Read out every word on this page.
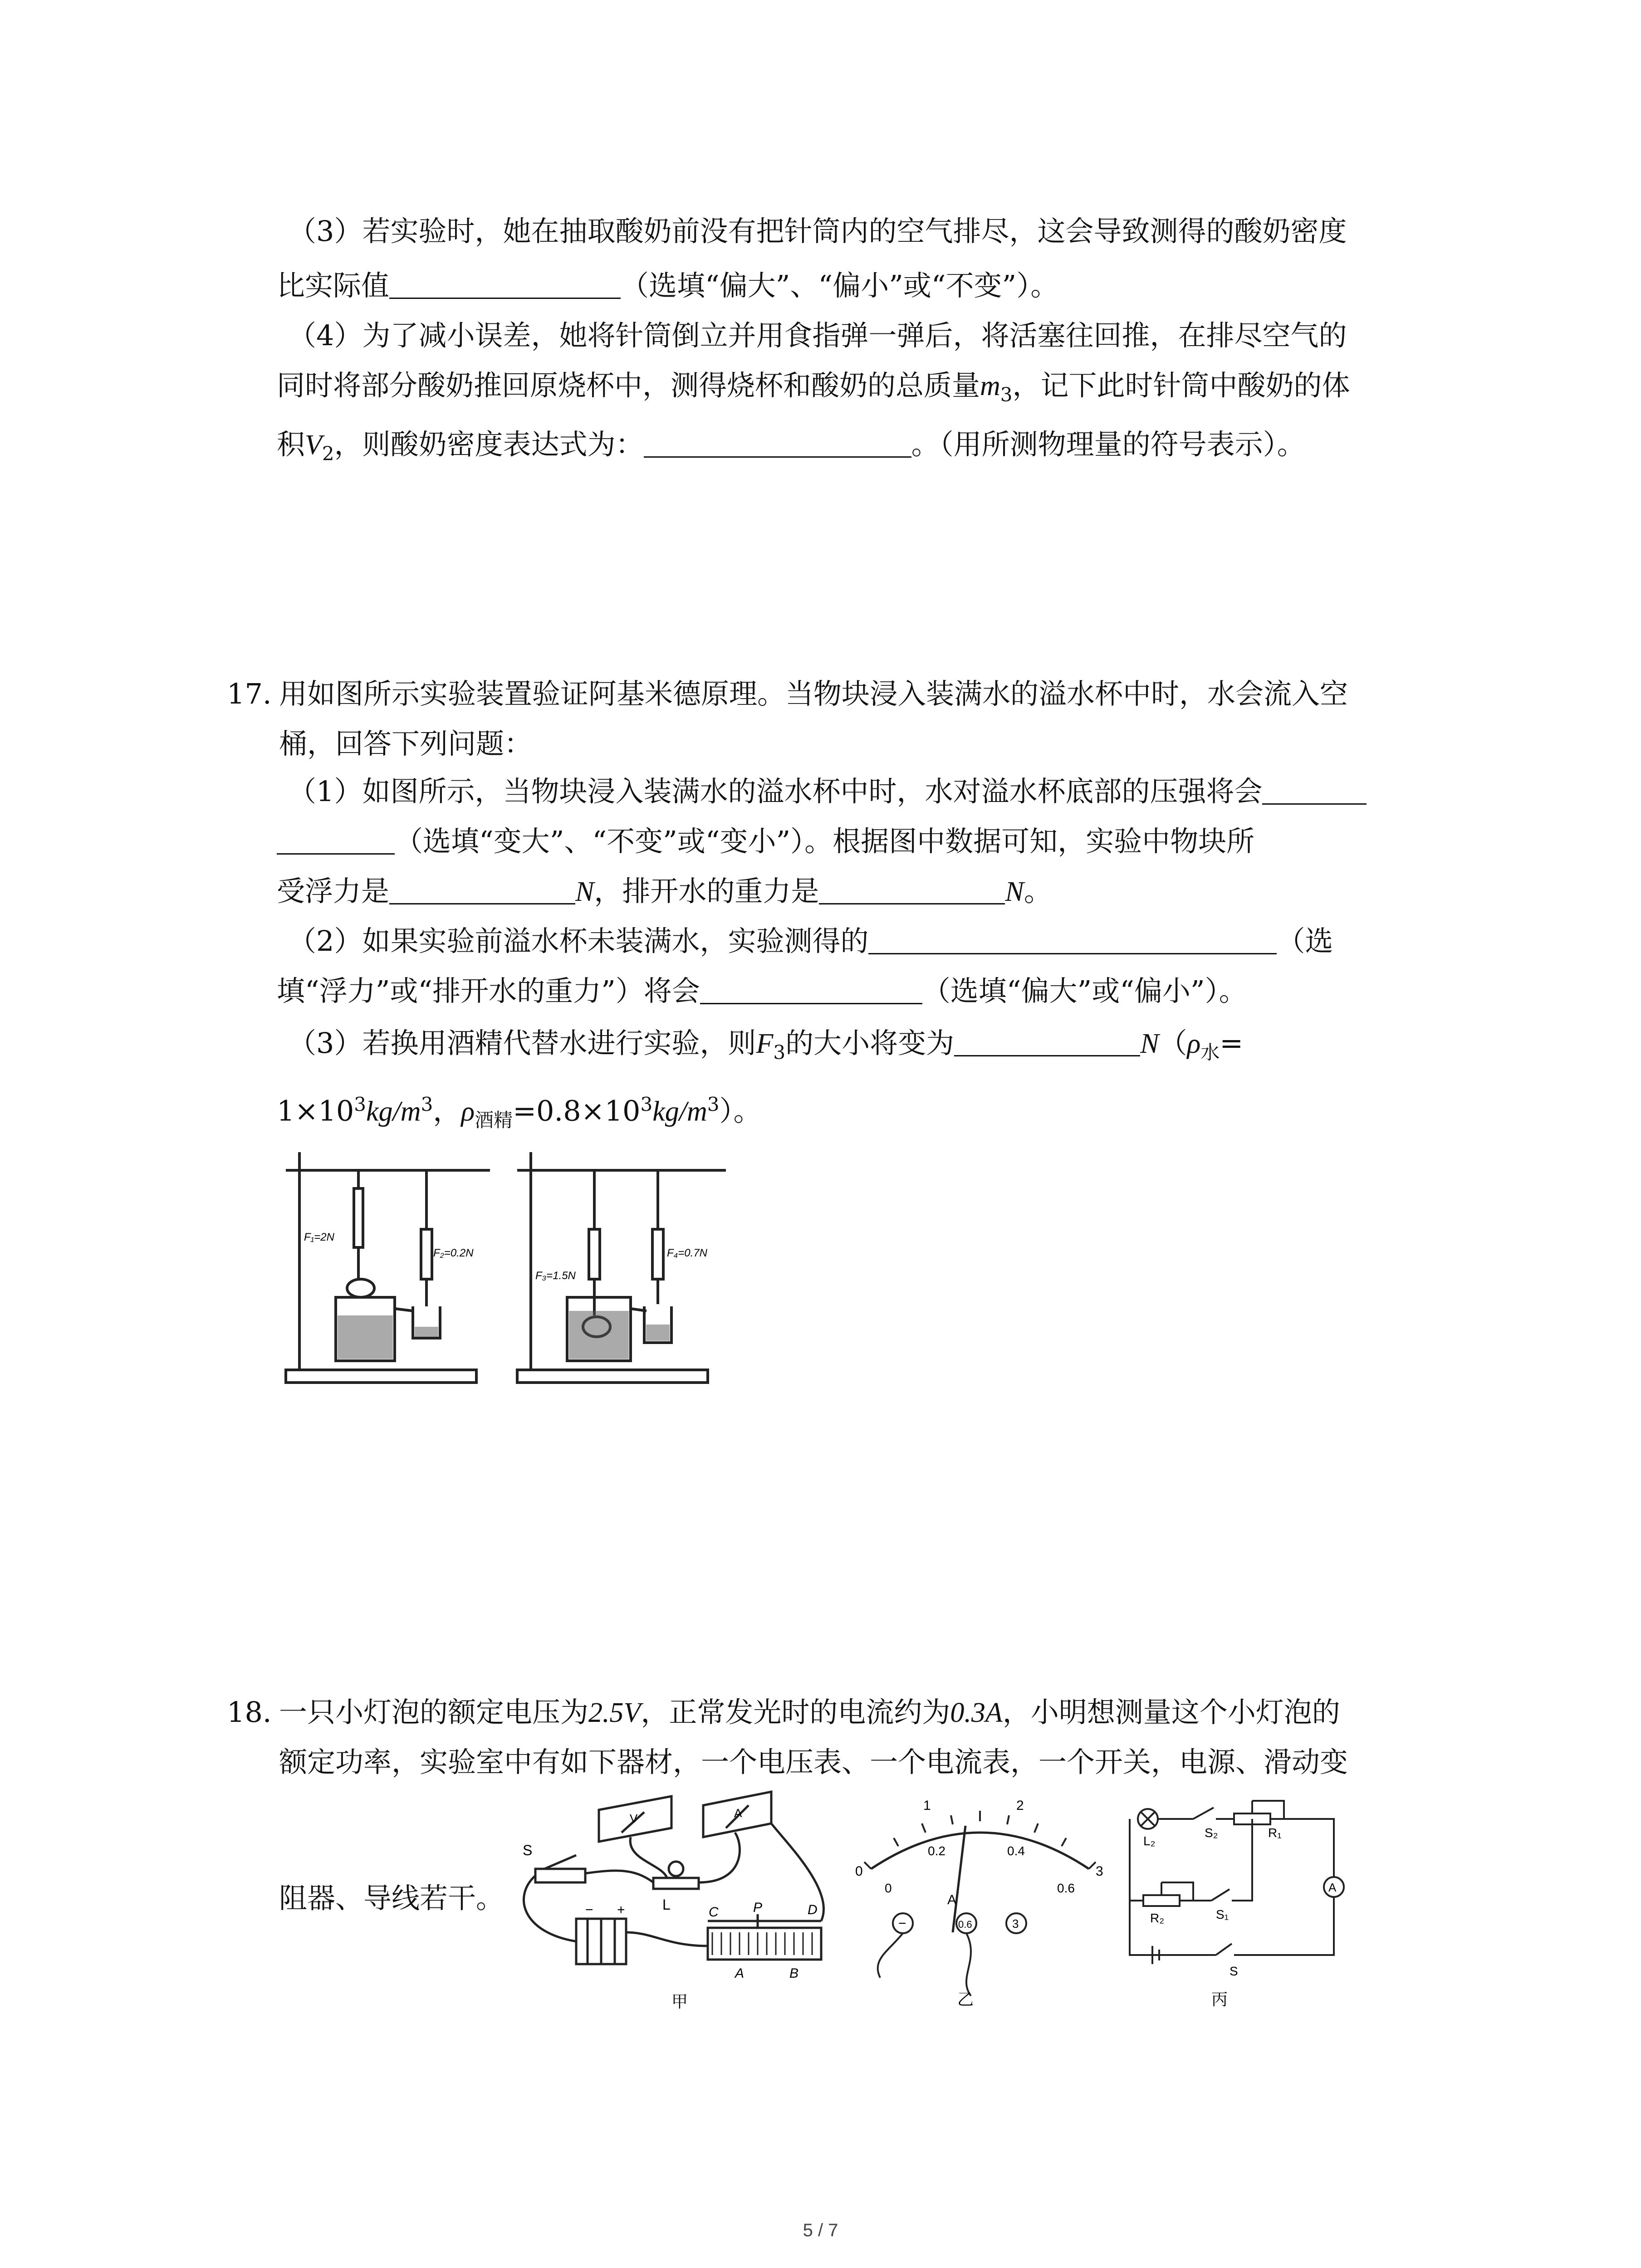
（3）若实验时，她在抽取酸奶前没有把针筒内的空气排尽，这会导致测得的酸奶密度
比实际值	（选填“偏大”、“偏小”或“不变”）。
（4）为了减小误差，她将针筒倒立并用食指弹一弹后，将活塞往回推，在排尽空气的
同时将部分酸奶推回原烧杯中，测得烧杯和酸奶的总质量$m_3$，记下此时针筒中酸奶的体
积$V_2$，则酸奶密度表达式为：	。（用所测物理量的符号表示）。
17. 用如图所示实验装置验证阿基米德原理。当物块浸入装满水的溢水杯中时，水会流入空
桶，回答下列问题：
（1）如图所示，当物块浸入装满水的溢水杯中时，水对溢水杯底部的压强将会
（选填“变大”、“不变”或“变小”）。根据图中数据可知，实验中物块所
受浮力是	N，排开水的重力是	N。
（2）如果实验前溢水杯未装满水，实验测得的	（选
填“浮力”或“排开水的重力”）将会	（选填“偏大”或“偏小”）。
（3）若换用酒精代替水进行实验，则$F_3$的大小将变为	$N(\rho_水=$
$1\times 10^3kg/m^3$，$\rho_{酒精}=0.8\times 10^3kg/m^3$）。
F₁=2N
F₂=0.2N
F₃=1.5N
F₄=0.7N
18. 一只小灯泡的额定电压为2.5V，正常发光时的电流约为0.3A，小明想测量这个小灯泡的
额定功率，实验室中有如下器材，一个电压表、一个电流表，一个开关，电源、滑动变
阻器、导线若干。
S
L	C	P	D
A	B
− +
V	A
甲
0
1	2
3
0
0.2	0.4
0.6
A
−	0.6	3
乙
A
L₂
S₂	R₁
R₂	S₁
S
丙
5 / 7
